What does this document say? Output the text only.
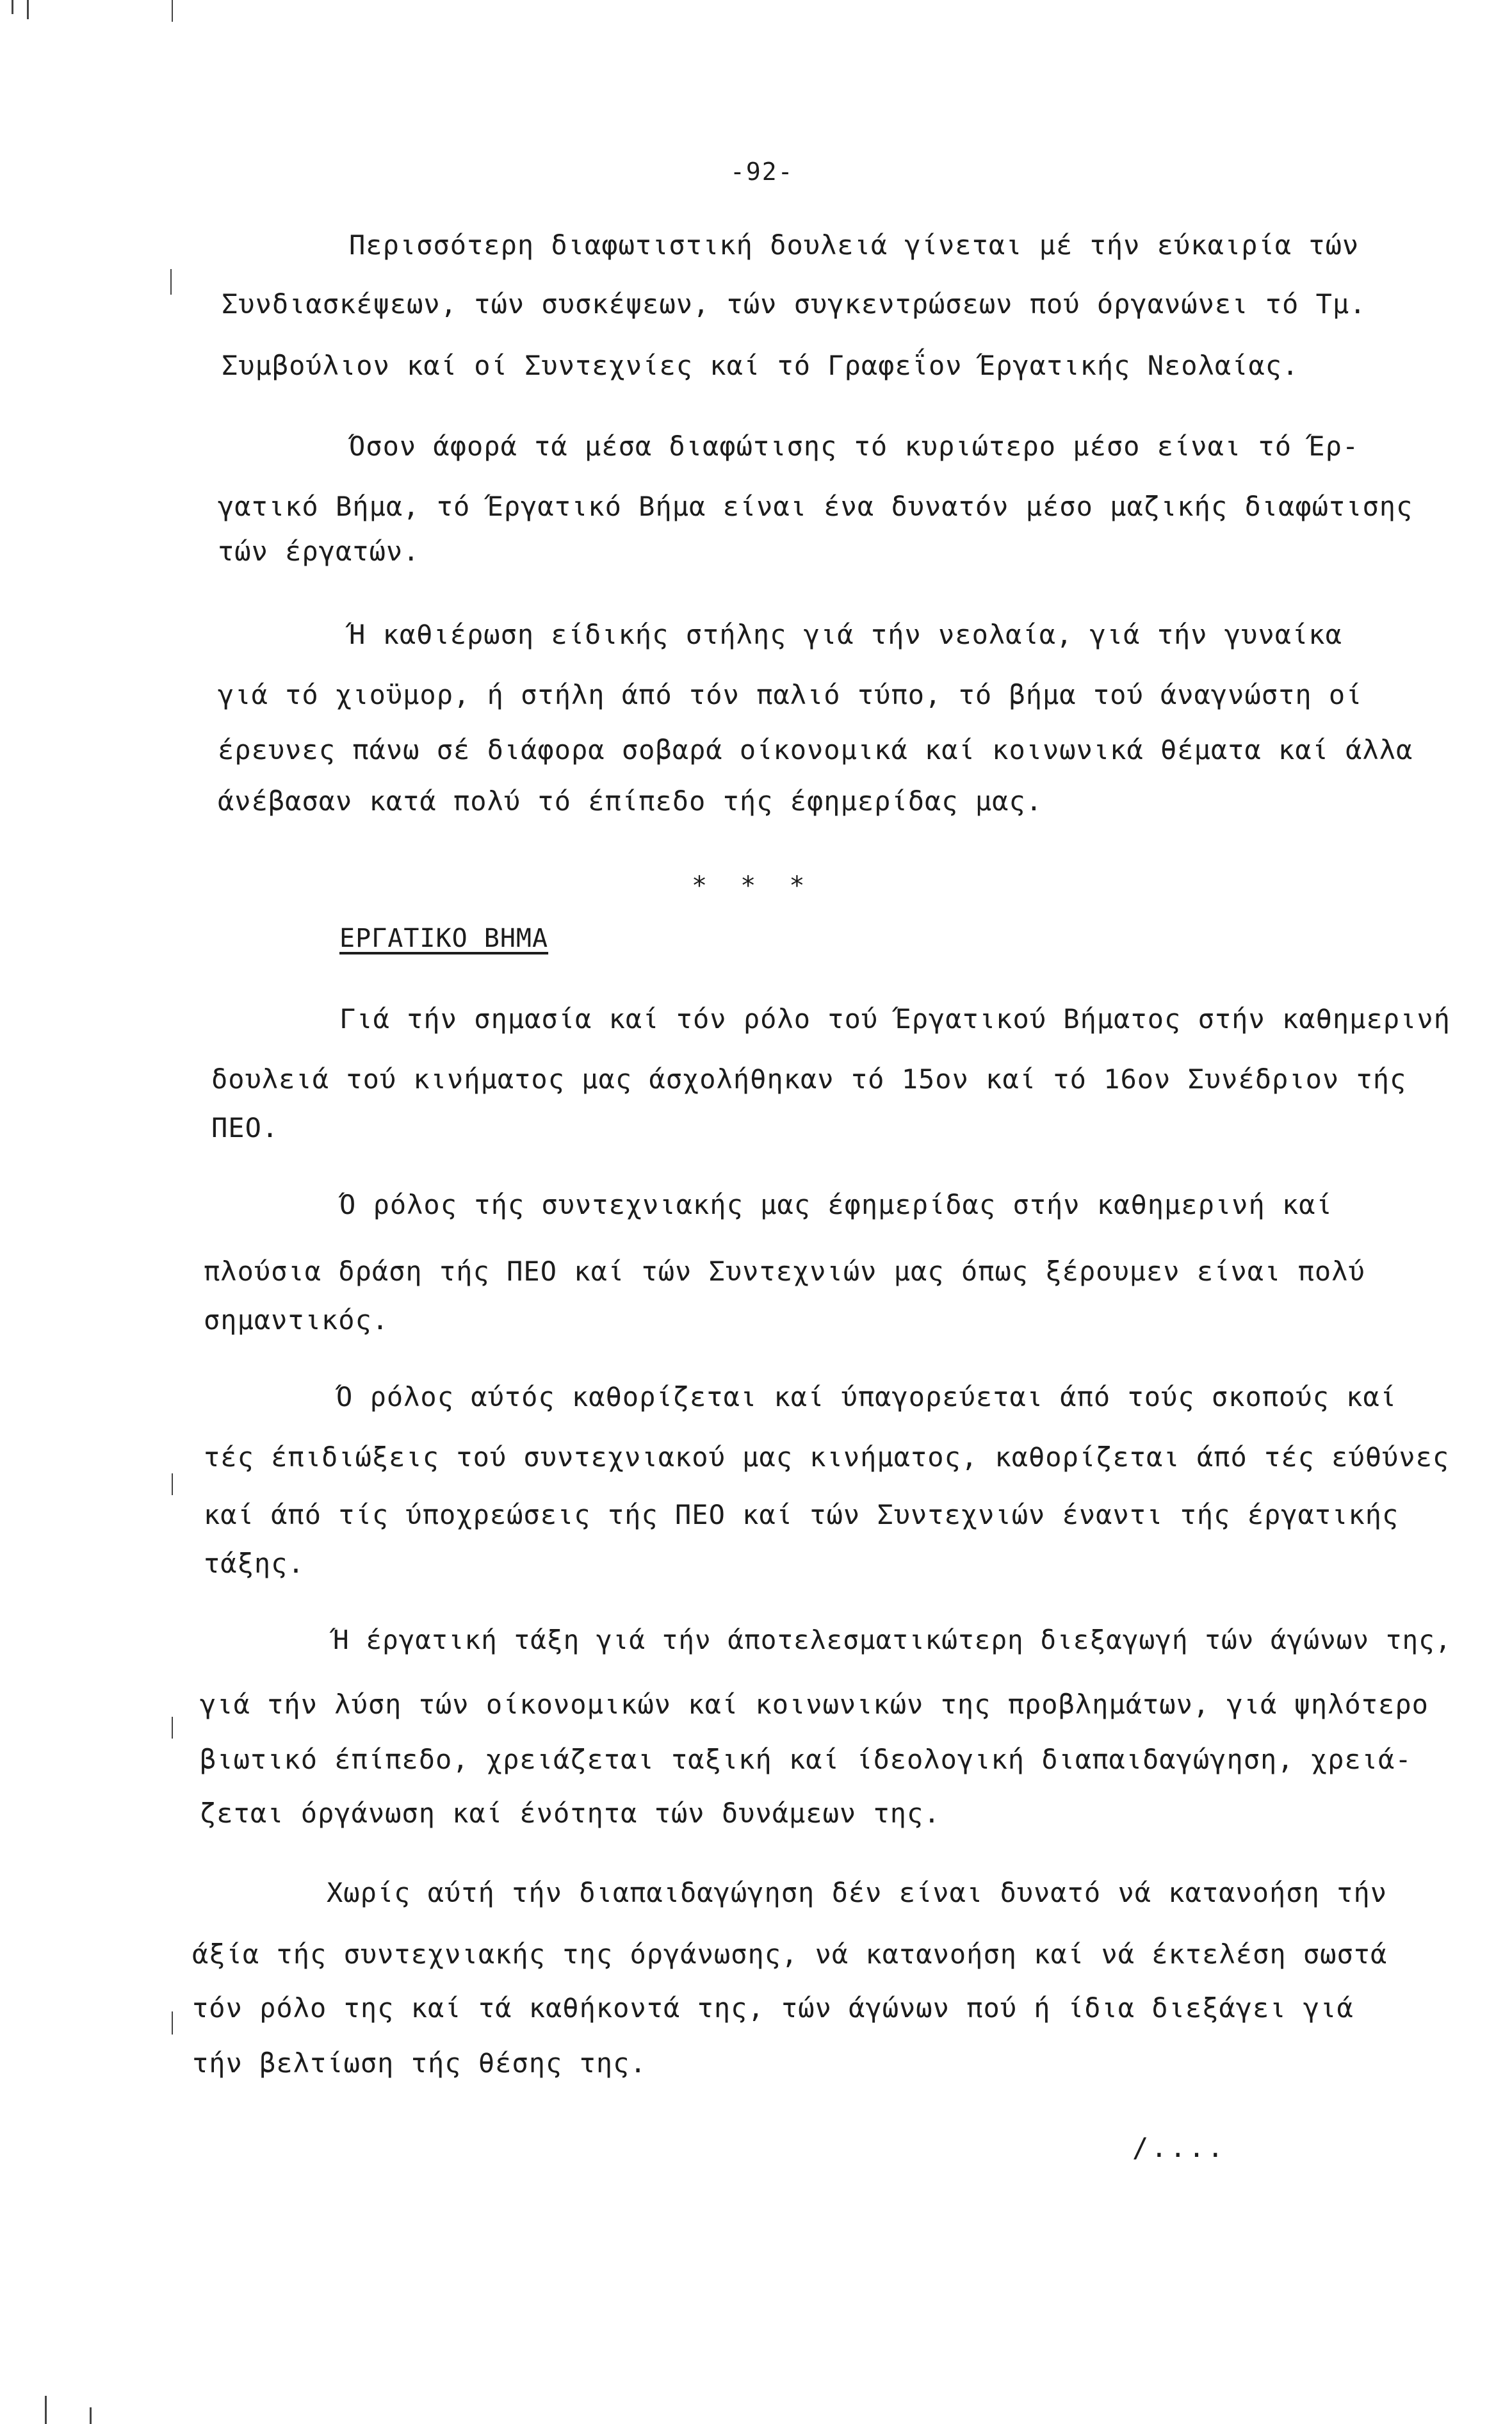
-92-
Περισσότερη διαφωτιστική δουλειά γίνεται μέ τήν εύκαιρία τών
Συνδιασκέψεων, τών συσκέψεων, τών συγκεντρώσεων πού όργανώνει τό Τμ.
Συμβούλιον καί οί Συντεχνίες καί τό Γραφεΐον Έργατικής Νεολαίας.
Όσον άφορά τά μέσα διαφώτισης τό κυριώτερο μέσο είναι τό Έρ-
γατικό Βήμα, τό Έργατικό Βήμα είναι ένα δυνατόν μέσο μαζικής διαφώτισης
τών έργατών.
Ή καθιέρωση είδικής στήλης γιά τήν νεολαία, γιά τήν γυναίκα
γιά τό χιοϋμορ, ή στήλη άπό τόν παλιό τύπο, τό βήμα τού άναγνώστη οί
έρευνες πάνω σέ διάφορα σοβαρά οίκονομικά καί κοινωνικά θέματα καί άλλα
άνέβασαν κατά πολύ τό έπίπεδο τής έφημερίδας μας.
* * *
ΕΡΓΑΤΙΚΟ ΒΗΜΑ
Γιά τήν σημασία καί τόν ρόλο τού Έργατικού Βήματος στήν καθημερινή
δουλειά τού κινήματος μας άσχολήθηκαν τό 15ον καί τό 16ον Συνέδριον τής
ΠΕΟ.
Ό ρόλος τής συντεχνιακής μας έφημερίδας στήν καθημερινή καί
πλούσια δράση τής ΠΕΟ καί τών Συντεχνιών μας όπως ξέρουμεν είναι πολύ
σημαντικός.
Ό ρόλος αύτός καθορίζεται καί ύπαγορεύεται άπό τούς σκοπούς καί
τές έπιδιώξεις τού συντεχνιακού μας κινήματος, καθορίζεται άπό τές εύθύνες
καί άπό τίς ύποχρεώσεις τής ΠΕΟ καί τών Συντεχνιών έναντι τής έργατικής
τάξης.
Ή έργατική τάξη γιά τήν άποτελεσματικώτερη διεξαγωγή τών άγώνων της,
γιά τήν λύση τών οίκονομικών καί κοινωνικών της προβλημάτων, γιά ψηλότερο
βιωτικό έπίπεδο, χρειάζεται ταξική καί ίδεολογική διαπαιδαγώγηση, χρειά-
ζεται όργάνωση καί ένότητα τών δυνάμεων της.
Χωρίς αύτή τήν διαπαιδαγώγηση δέν είναι δυνατό νά κατανοήση τήν
άξία τής συντεχνιακής της όργάνωσης, νά κατανοήση καί νά έκτελέση σωστά
τόν ρόλο της καί τά καθήκοντά της, τών άγώνων πού ή ίδια διεξάγει γιά
τήν βελτίωση τής θέσης της.
/....
